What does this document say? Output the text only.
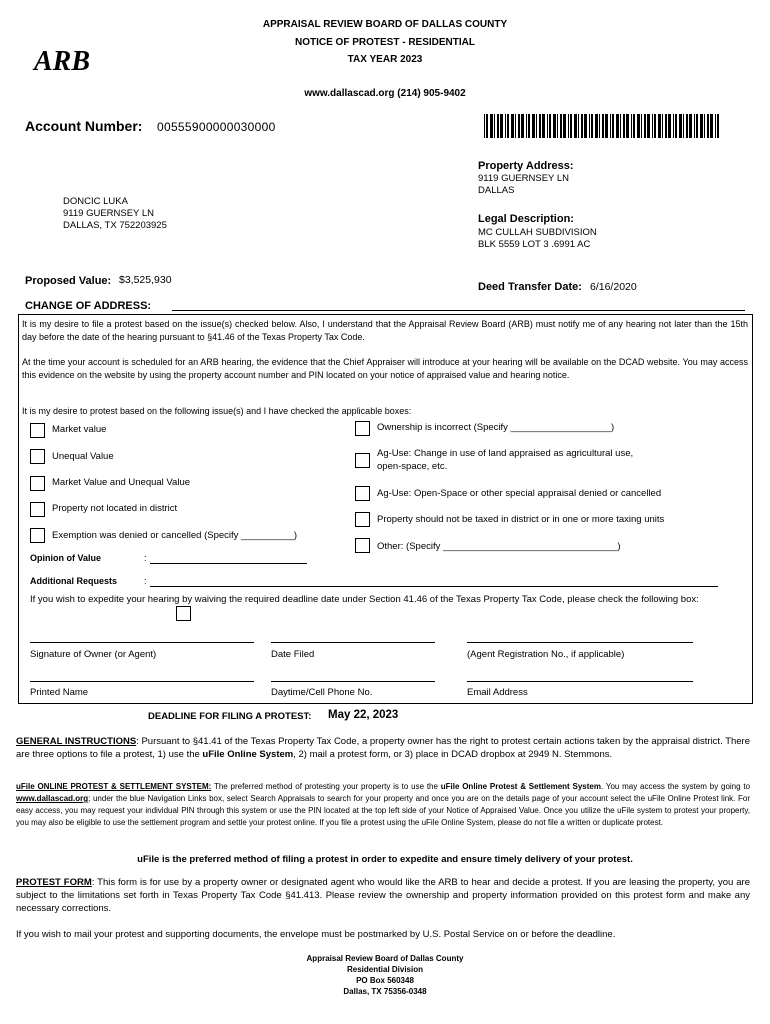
APPRAISAL REVIEW BOARD OF DALLAS COUNTY
NOTICE OF PROTEST - RESIDENTIAL
TAX YEAR 2023
www.dallascad.org (214) 905-9402
ARB
Account Number: 00555900000030000
DONCIC LUKA
9119 GUERNSEY LN
DALLAS, TX 752203925
Property Address:
9119 GUERNSEY LN
DALLAS
Legal Description:
MC CULLAH SUBDIVISION
BLK 5559 LOT 3 .6991 AC
Proposed Value: $3,525,930
Deed Transfer Date: 6/16/2020
CHANGE OF ADDRESS:
It is my desire to file a protest based on the issue(s) checked below. Also, I understand that the Appraisal Review Board (ARB) must notify me of any hearing not later than the 15th day before the date of the hearing pursuant to §41.46 of the Texas Property Tax Code.
At the time your account is scheduled for an ARB hearing, the evidence that the Chief Appraiser will introduce at your hearing will be available on the DCAD website. You may access this evidence on the website by using the property account number and PIN located on your notice of appraised value and hearing notice.
It is my desire to protest based on the following issue(s) and I have checked the applicable boxes:
Market value
Unequal Value
Market Value and Unequal Value
Property not located in district
Exemption was denied or cancelled (Specify __________)
Ownership is incorrect (Specify ___________________)
Ag-Use: Change in use of land appraised as agricultural use,
open-space, etc.
Ag-Use: Open-Space or other special appraisal denied or cancelled
Property should not be taxed in district or in one or more taxing units
Other: (Specify _________________________________)
Opinion of Value	:
Additional Requests	:
If you wish to expedite your hearing by waiving the required deadline date under Section 41.46 of the Texas Property Tax Code, please check the following box:
Signature of Owner (or Agent)	Date Filed	(Agent Registration No., if applicable)
Printed Name	Daytime/Cell Phone No.	Email Address
DEADLINE FOR FILING A PROTEST: May 22, 2023
GENERAL INSTRUCTIONS: Pursuant to §41.41 of the Texas Property Tax Code, a property owner has the right to protest certain actions taken by the appraisal district. There are three options to file a protest, 1) use the uFile Online System, 2) mail a protest form, or 3) place in DCAD dropbox at 2949 N. Stemmons.
uFile ONLINE PROTEST & SETTLEMENT SYSTEM: The preferred method of protesting your property is to use the uFile Online Protest & Settlement System. You may access the system by going to www.dallascad.org; under the blue Navigation Links box, select Search Appraisals to search for your property and once you are on the details page of your account select the uFile Online Protest link. For easy access, you may request your individual PIN through this system or use the PIN located at the top left side of your Notice of Appraised Value. Once you utilize the uFile system to protest your property, you may also be eligible to use the settlement program and settle your protest online. If you file a protest using the uFile Online System, please do not file a written or duplicate protest.
uFile is the preferred method of filing a protest in order to expedite and ensure timely delivery of your protest.
PROTEST FORM: This form is for use by a property owner or designated agent who would like the ARB to hear and decide a protest. If you are leasing the property, you are subject to the limitations set forth in Texas Property Tax Code §41.413. Please review the ownership and property information provided on this protest form and make any necessary corrections.
If you wish to mail your protest and supporting documents, the envelope must be postmarked by U.S. Postal Service on or before the deadline.
Appraisal Review Board of Dallas County
Residential Division
PO Box 560348
Dallas, TX 75356-0348
